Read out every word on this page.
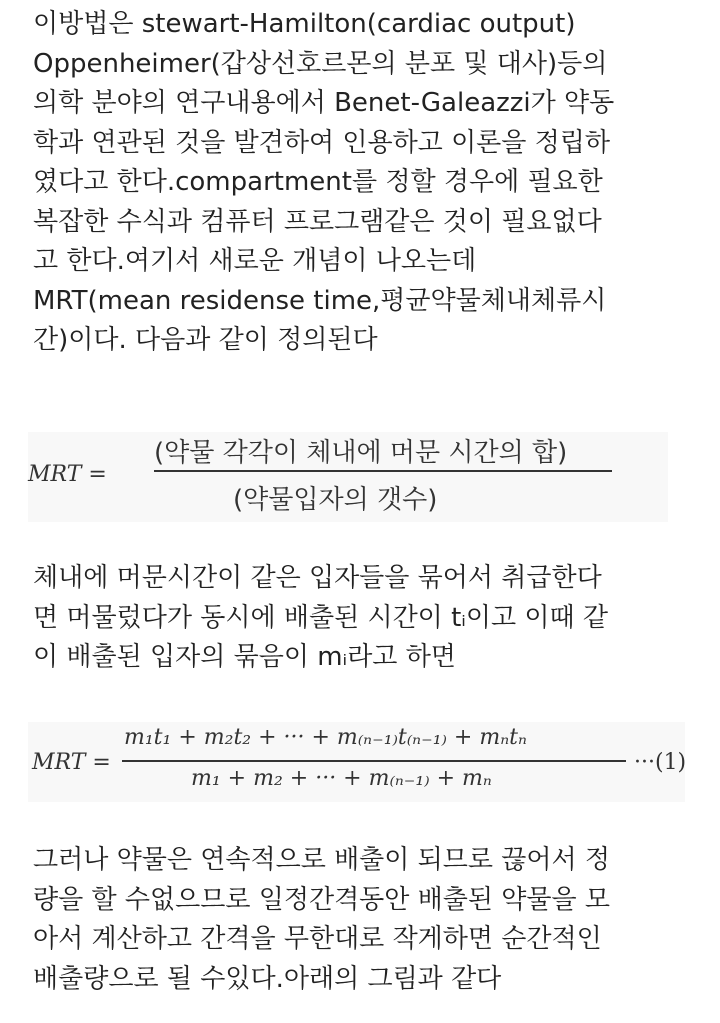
이방법은 stewart-Hamilton(cardiac output)
Oppenheimer(갑상선호르몬의 분포 및 대사)등의
의학 분야의 연구내용에서 Benet-Galeazzi가 약동
학과 연관된 것을 발견하여 인용하고 이론을 정립하
였다고 한다.compartment를 정할 경우에 필요한
복잡한 수식과 컴퓨터 프로그램같은 것이 필요없다
고 한다.여기서 새로운 개념이 나오는데
MRT(mean residense time,평균약물체내체류시
간)이다. 다음과 같이 정의된다
MRT =
(약물 각각이 체내에 머문 시간의 합)
(약물입자의 갯수)
체내에 머문시간이 같은 입자들을 묶어서 취급한다
면 머물렀다가 동시에 배출된 시간이 tᵢ이고 이때 같
이 배출된 입자의 묶음이 mᵢ라고 하면
MRT =
m₁t₁ + m₂t₂ + ··· + m₍ₙ₋₁₎t₍ₙ₋₁₎ + mₙtₙ
m₁ + m₂ + ··· + m₍ₙ₋₁₎ + mₙ
···(1)
그러나 약물은 연속적으로 배출이 되므로 끊어서 정
량을 할 수없으므로 일정간격동안 배출된 약물을 모
아서 계산하고 간격을 무한대로 작게하면 순간적인
배출량으로 될 수있다.아래의 그림과 같다
